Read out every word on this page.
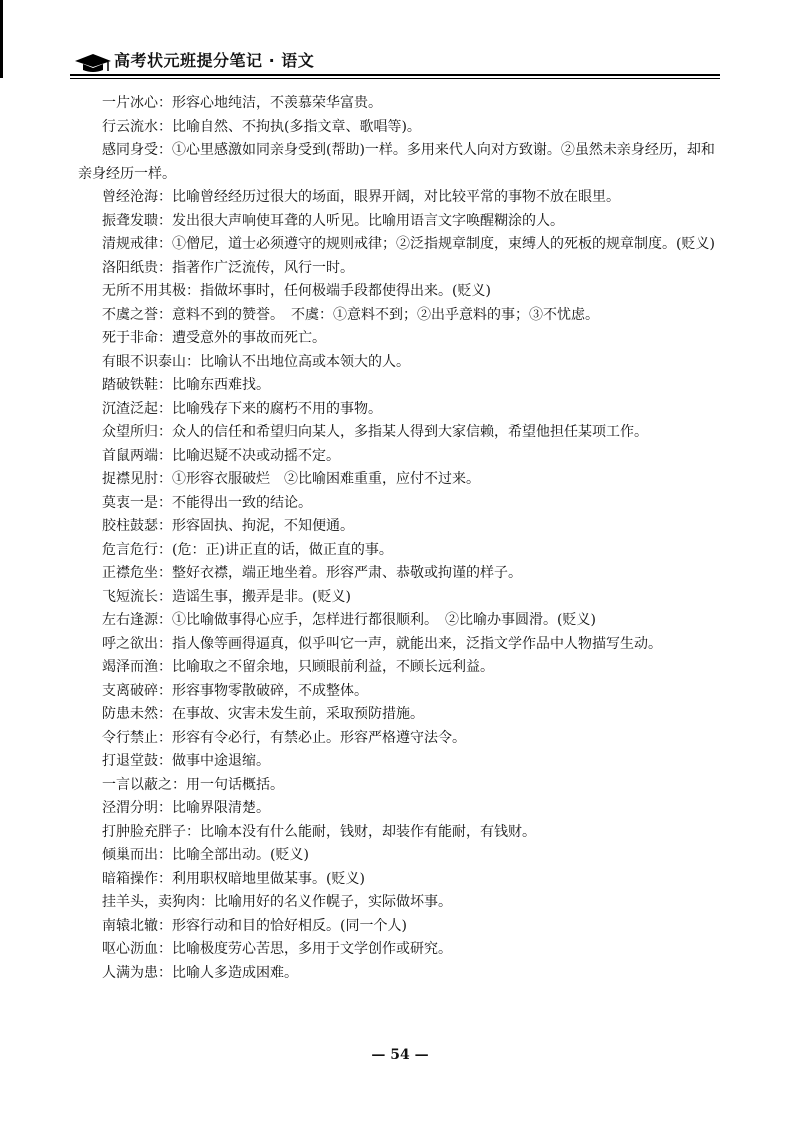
高考状元班提分笔记 · 语文

一片冰心：形容心地纯洁，不羡慕荣华富贵。

行云流水：比喻自然、不拘执(多指文章、歌唱等)。

感同身受：①心里感激如同亲身受到(帮助)一样。多用来代人向对方致谢。②虽然未亲身经历，却和亲身经历一样。

曾经沧海：比喻曾经经历过很大的场面，眼界开阔，对比较平常的事物不放在眼里。

振聋发聩：发出很大声响使耳聋的人听见。比喻用语言文字唤醒糊涂的人。

清规戒律：①僧尼，道士必须遵守的规则戒律；②泛指规章制度，束缚人的死板的规章制度。(贬义)

洛阳纸贵：指著作广泛流传，风行一时。

无所不用其极：指做坏事时，任何极端手段都使得出来。(贬义)

不虞之誉：意料不到的赞誉。　不虞：①意料不到；②出乎意料的事；③不忧虑。

死于非命：遭受意外的事故而死亡。

有眼不识泰山：比喻认不出地位高或本领大的人。

踏破铁鞋：比喻东西难找。

沉渣泛起：比喻残存下来的腐朽不用的事物。

众望所归：众人的信任和希望归向某人，多指某人得到大家信赖，希望他担任某项工作。

首鼠两端：比喻迟疑不决或动摇不定。

捉襟见肘：①形容衣服破烂　②比喻困难重重，应付不过来。

莫衷一是：不能得出一致的结论。

胶柱鼓瑟：形容固执、拘泥，不知便通。

危言危行：(危：正)讲正直的话，做正直的事。

正襟危坐：整好衣襟，端正地坐着。形容严肃、恭敬或拘谨的样子。

飞短流长：造谣生事，搬弄是非。(贬义)

左右逢源：①比喻做事得心应手，怎样进行都很顺利。　②比喻办事圆滑。(贬义)

呼之欲出：指人像等画得逼真，似乎叫它一声，就能出来，泛指文学作品中人物描写生动。

竭泽而渔：比喻取之不留余地，只顾眼前利益，不顾长远利益。

支离破碎：形容事物零散破碎，不成整体。

防患未然：在事故、灾害未发生前，采取预防措施。

令行禁止：形容有令必行，有禁必止。形容严格遵守法令。

打退堂鼓：做事中途退缩。

一言以蔽之：用一句话概括。

泾渭分明：比喻界限清楚。

打肿脸充胖子：比喻本没有什么能耐，钱财，却装作有能耐，有钱财。

倾巢而出：比喻全部出动。(贬义)

暗箱操作：利用职权暗地里做某事。(贬义)

挂羊头，卖狗肉：比喻用好的名义作幌子，实际做坏事。

南辕北辙：形容行动和目的恰好相反。(同一个人)

呕心沥血：比喻极度劳心苦思，多用于文学创作或研究。

人满为患：比喻人多造成困难。

— 54 —
